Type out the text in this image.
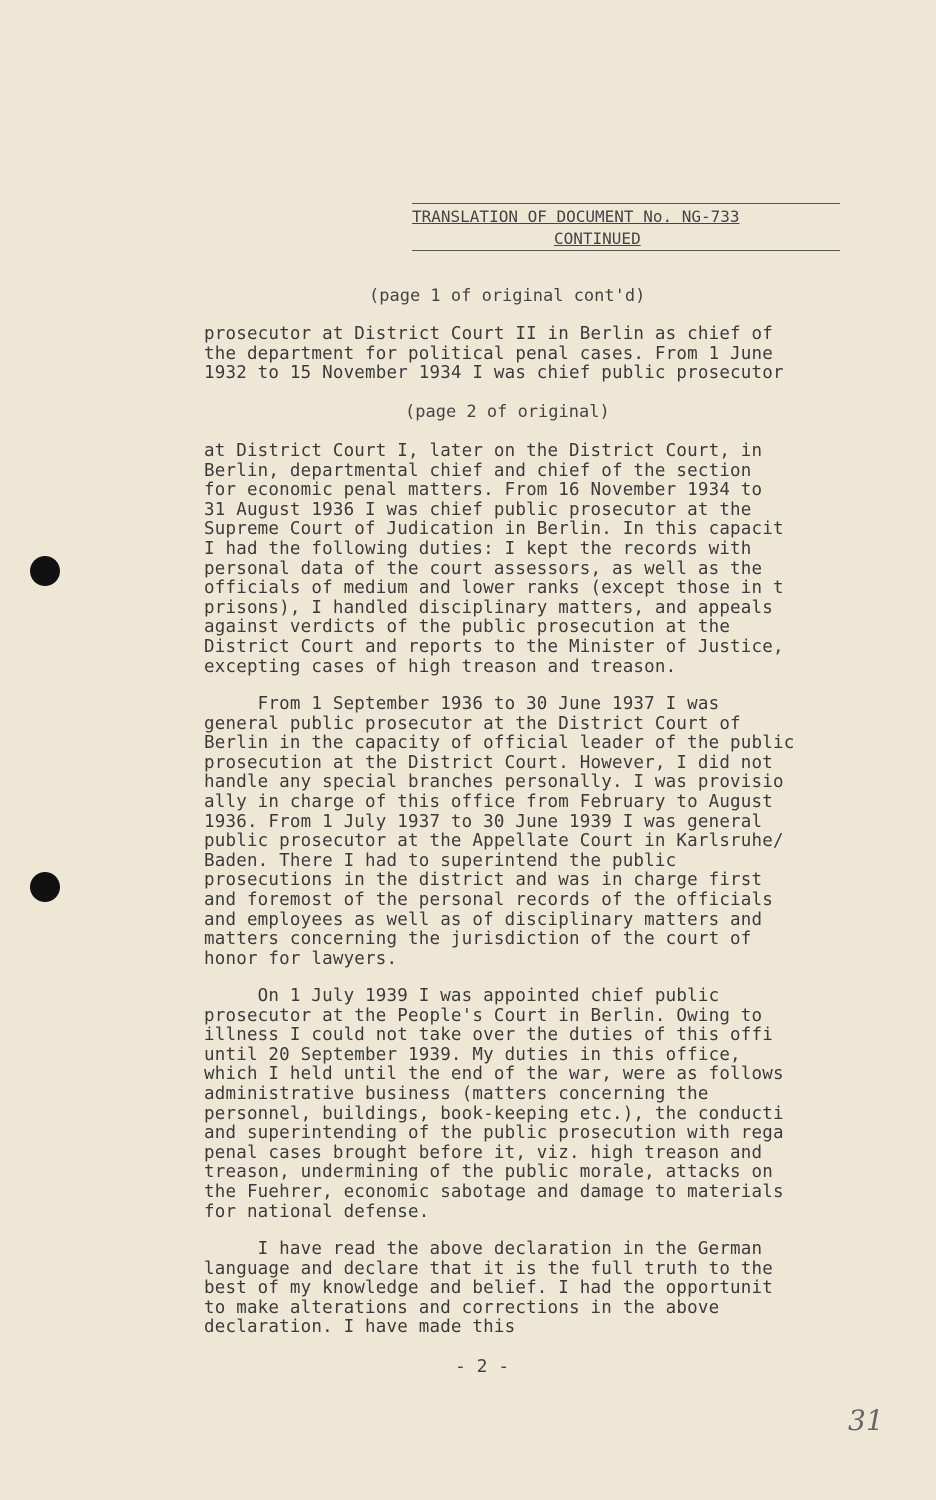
TRANSLATION OF DOCUMENT No. NG-733
CONTINUED
(page 1 of original cont'd)
prosecutor at District Court II in Berlin as chief of
the department for political penal cases. From 1 June
1932 to 15 November 1934 I was chief public prosecutor
(page 2 of original)
at District Court I, later on the District Court, in
Berlin, departmental chief and chief of the section
for economic penal matters. From 16 November 1934 to
31 August 1936 I was chief public prosecutor at the
Supreme Court of Judication in Berlin. In this capacit
I had the following duties: I kept the records with
personal data of the court assessors, as well as the
officials of medium and lower ranks (except those in t
prisons), I handled disciplinary matters, and appeals
against verdicts of the public prosecution at the
District Court and reports to the Minister of Justice,
excepting cases of high treason and treason.
From 1 September 1936 to 30 June 1937 I was
general public prosecutor at the District Court of
Berlin in the capacity of official leader of the public
prosecution at the District Court. However, I did not
handle any special branches personally. I was provisio
ally in charge of this office from February to August
1936. From 1 July 1937 to 30 June 1939 I was general
public prosecutor at the Appellate Court in Karlsruhe/
Baden. There I had to superintend the public
prosecutions in the district and was in charge first
and foremost of the personal records of the officials
and employees as well as of disciplinary matters and
matters concerning the jurisdiction of the court of
honor for lawyers.
On 1 July 1939 I was appointed chief public
prosecutor at the People's Court in Berlin. Owing to
illness I could not take over the duties of this offi
until 20 September 1939. My duties in this office,
which I held until the end of the war, were as follows
administrative business (matters concerning the
personnel, buildings, book-keeping etc.), the conducti
and superintending of the public prosecution with rega
penal cases brought before it, viz. high treason and
treason, undermining of the public morale, attacks on
the Fuehrer, economic sabotage and damage to materials
for national defense.
I have read the above declaration in the German
language and declare that it is the full truth to the
best of my knowledge and belief. I had the opportunit
to make alterations and corrections in the above
declaration. I have made this
- 2 -
31
